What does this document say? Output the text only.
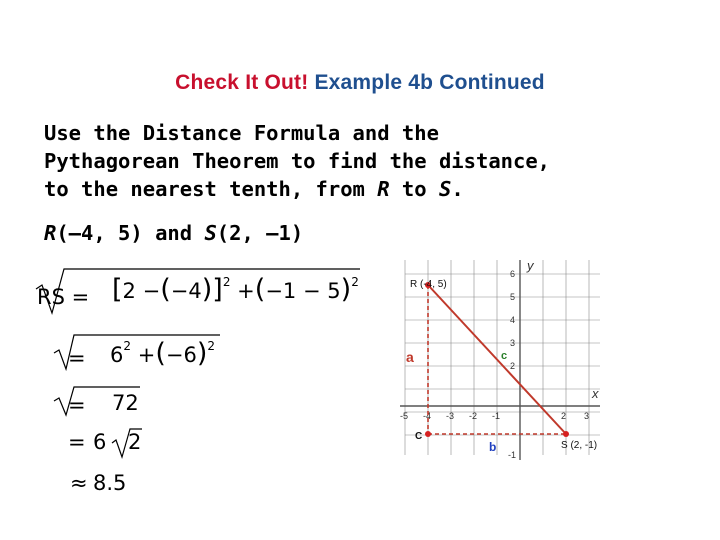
Check It Out! Example 4b Continued
Use the Distance Formula and the
Pythagorean Theorem to find the distance,
to the nearest tenth, from R to S.
R(–4, 5) and S(2, –1)
RS = $[2 -(-4)]^2 +(-1 - 5)^2$
= $6^2 +(-6)^2$
= 72
= 6 2
≈ 8.5
x
y
-5 -4 -3 -2 -1	2 3
6
5
4
3
2
-1
R (-4, 5)
S (2, -1)
C
a
b
c
